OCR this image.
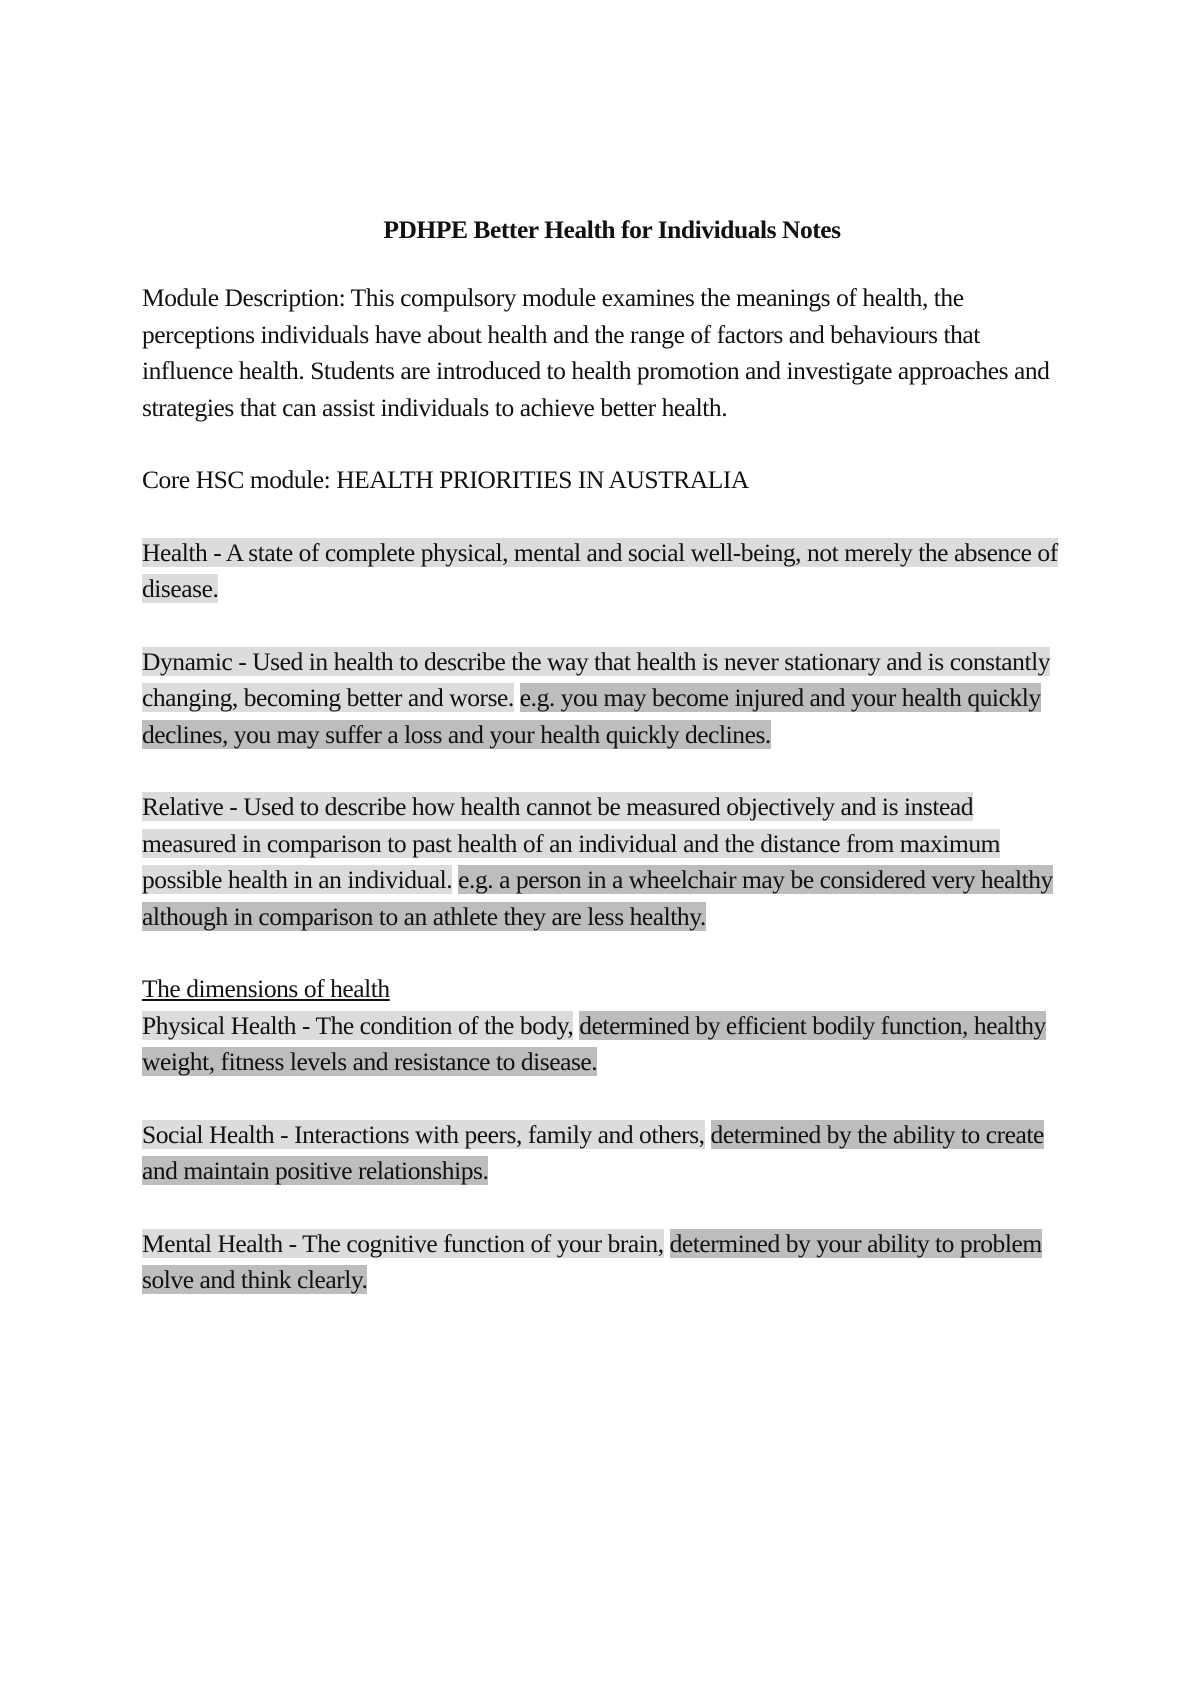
PDHPE Better Health for Individuals Notes

Module Description: This compulsory module examines the meanings of health, the perceptions individuals have about health and the range of factors and behaviours that influence health. Students are introduced to health promotion and investigate approaches and strategies that can assist individuals to achieve better health.

Core HSC module: HEALTH PRIORITIES IN AUSTRALIA

Health - A state of complete physical, mental and social well-being, not merely the absence of disease.

Dynamic - Used in health to describe the way that health is never stationary and is constantly changing, becoming better and worse. e.g. you may become injured and your health quickly declines, you may suffer a loss and your health quickly declines.

Relative - Used to describe how health cannot be measured objectively and is instead measured in comparison to past health of an individual and the distance from maximum possible health in an individual. e.g. a person in a wheelchair may be considered very healthy although in comparison to an athlete they are less healthy.

The dimensions of health

Physical Health - The condition of the body, determined by efficient bodily function, healthy weight, fitness levels and resistance to disease.

Social Health - Interactions with peers, family and others, determined by the ability to create and maintain positive relationships.

Mental Health - The cognitive function of your brain, determined by your ability to problem solve and think clearly.
